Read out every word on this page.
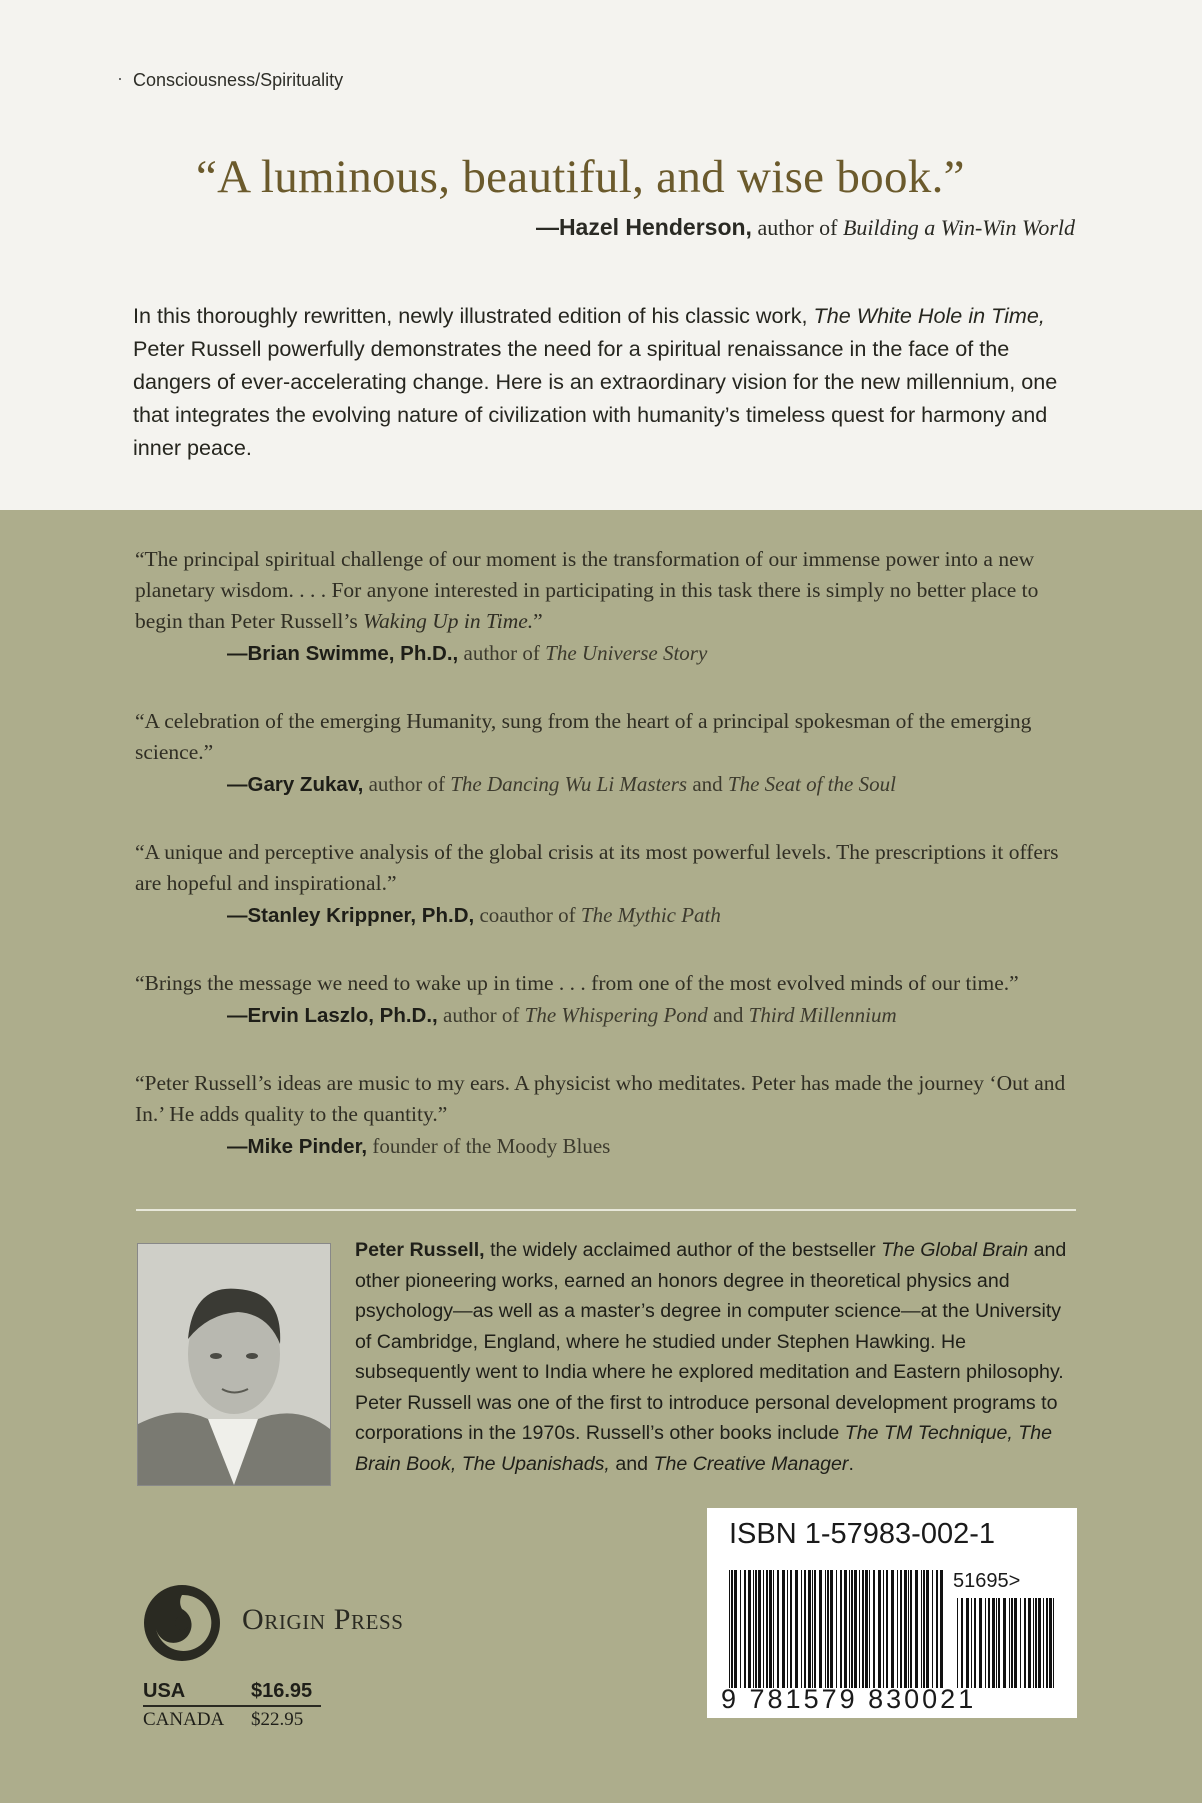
· Consciousness/Spirituality
“A luminous, beautiful, and wise book.”
—Hazel Henderson, author of Building a Win-Win World
In this thoroughly rewritten, newly illustrated edition of his classic work, The White Hole in Time, Peter Russell powerfully demonstrates the need for a spiritual renaissance in the face of the dangers of ever-accelerating change. Here is an extraordinary vision for the new millennium, one that integrates the evolving nature of civilization with humanity’s timeless quest for harmony and inner peace.
“The principal spiritual challenge of our moment is the transformation of our immense power into a new planetary wisdom. . . . For anyone interested in participating in this task there is simply no better place to begin than Peter Russell’s Waking Up in Time.”
—Brian Swimme, Ph.D., author of The Universe Story
“A celebration of the emerging Humanity, sung from the heart of a principal spokesman of the emerging science.”
—Gary Zukav, author of The Dancing Wu Li Masters and The Seat of the Soul
“A unique and perceptive analysis of the global crisis at its most powerful levels. The prescriptions it offers are hopeful and inspirational.”
—Stanley Krippner, Ph.D, coauthor of The Mythic Path
“Brings the message we need to wake up in time . . . from one of the most evolved minds of our time.”
—Ervin Laszlo, Ph.D., author of The Whispering Pond and Third Millennium
“Peter Russell’s ideas are music to my ears. A physicist who meditates. Peter has made the journey ‘Out and In.’ He adds quality to the quantity.”
—Mike Pinder, founder of the Moody Blues
Peter Russell, the widely acclaimed author of the bestseller The Global Brain and other pioneering works, earned an honors degree in theoretical physics and psychology—as well as a master’s degree in computer science—at the University of Cambridge, England, where he studied under Stephen Hawking. He subsequently went to India where he explored meditation and Eastern philosophy. Peter Russell was one of the first to introduce personal development programs to corporations in the 1970s. Russell’s other books include The TM Technique, The Brain Book, The Upanishads, and The Creative Manager.
ISBN 1-57983-002-1
51695>
9 781579 830021
Origin Press
USA	$16.95
CANADA	$22.95
